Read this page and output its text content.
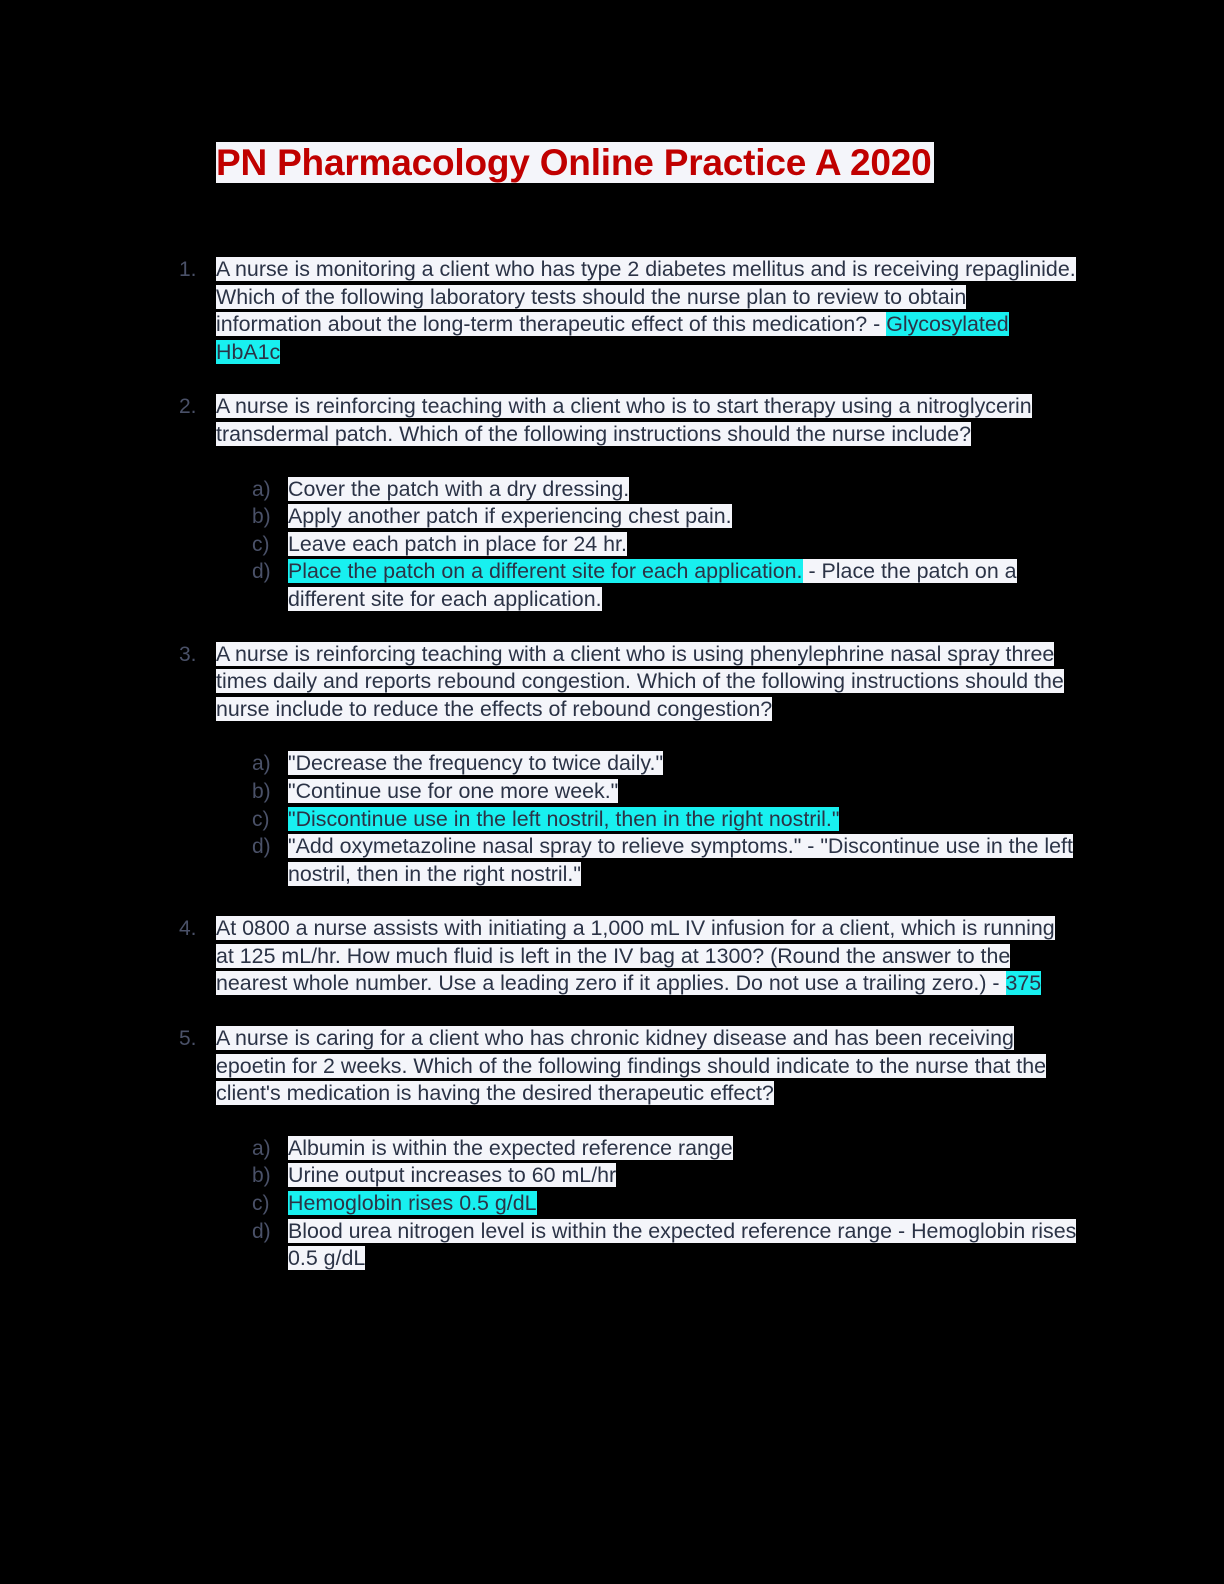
PN Pharmacology Online Practice A 2020
1. A nurse is monitoring a client who has type 2 diabetes mellitus and is receiving repaglinide. Which of the following laboratory tests should the nurse plan to review to obtain information about the long-term therapeutic effect of this medication? - Glycosylated HbA1c
2. A nurse is reinforcing teaching with a client who is to start therapy using a nitroglycerin transdermal patch. Which of the following instructions should the nurse include?
a) Cover the patch with a dry dressing.
b) Apply another patch if experiencing chest pain.
c) Leave each patch in place for 24 hr.
d) Place the patch on a different site for each application. - Place the patch on a different site for each application.
3. A nurse is reinforcing teaching with a client who is using phenylephrine nasal spray three times daily and reports rebound congestion. Which of the following instructions should the nurse include to reduce the effects of rebound congestion?
a) "Decrease the frequency to twice daily."
b) "Continue use for one more week."
c) "Discontinue use in the left nostril, then in the right nostril."
d) "Add oxymetazoline nasal spray to relieve symptoms." - "Discontinue use in the left nostril, then in the right nostril."
4. At 0800 a nurse assists with initiating a 1,000 mL IV infusion for a client, which is running at 125 mL/hr. How much fluid is left in the IV bag at 1300? (Round the answer to the nearest whole number. Use a leading zero if it applies. Do not use a trailing zero.) - 375
5. A nurse is caring for a client who has chronic kidney disease and has been receiving epoetin for 2 weeks. Which of the following findings should indicate to the nurse that the client's medication is having the desired therapeutic effect?
a) Albumin is within the expected reference range
b) Urine output increases to 60 mL/hr
c) Hemoglobin rises 0.5 g/dL
d) Blood urea nitrogen level is within the expected reference range - Hemoglobin rises 0.5 g/dL
